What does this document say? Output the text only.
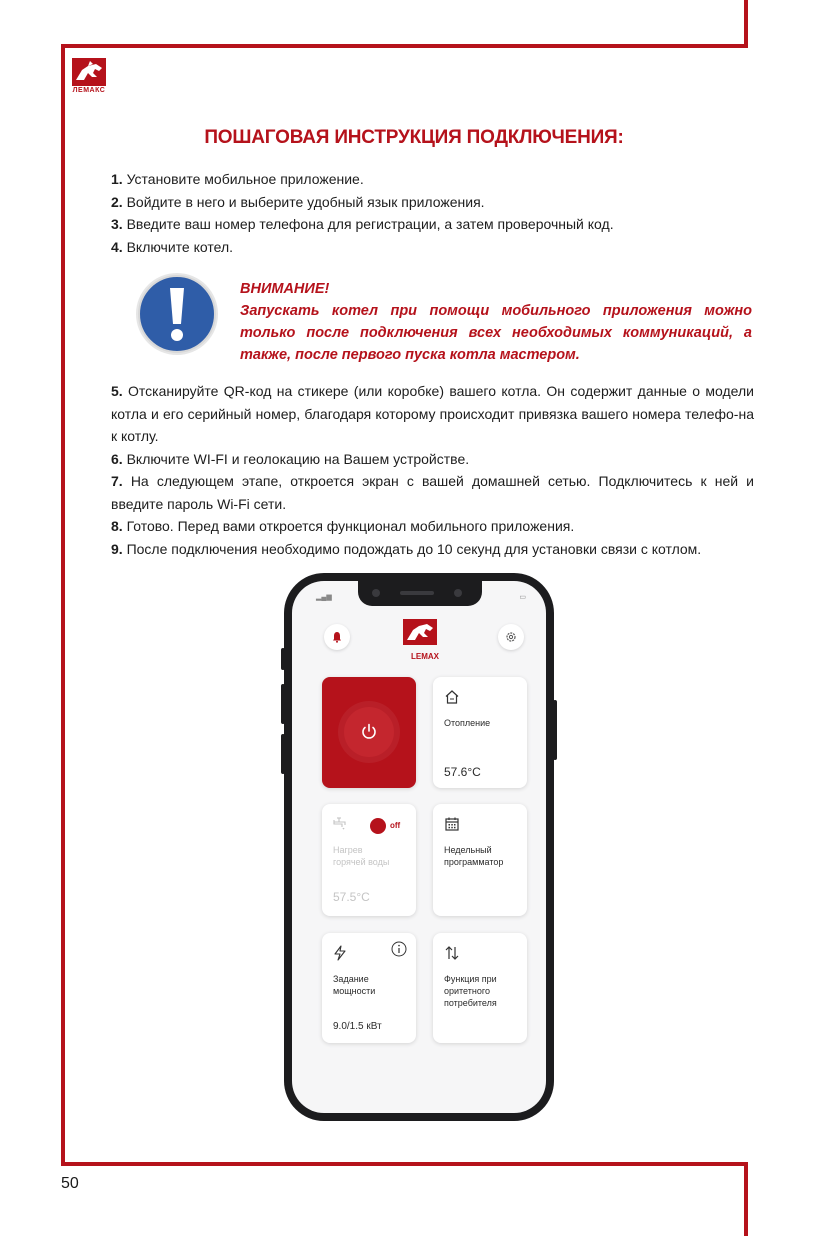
ЛЕМАКС
ПОШАГОВАЯ ИНСТРУКЦИЯ ПОДКЛЮЧЕНИЯ:

1. Установите мобильное приложение.

2. Войдите в него и выберите удобный язык приложения.

3. Введите ваш номер телефона для регистрации, а затем проверочный код.

4. Включите котел.

ВНИМАНИЕ!

Запускать котел при помощи мобильного приложения можно только после подключения всех необходимых коммуникаций, а также, после первого пуска котла мастером.

5. Отсканируйте QR-код на стикере (или коробке) вашего котла. Он содержит данные о модели котла и его серийный номер, благодаря которому происходит привязка вашего номера телефо-на к котлу.

6. Включите WI-FI и геолокацию на Вашем устройстве.

7. На следующем этапе, откроется экран с вашей домашней сетью. Подключитесь к ней и введите пароль Wi-Fi сети.

8. Готово. Перед вами откроется функционал мобильного приложения.

9. После подключения необходимо подождать до 10 секунд для установки связи с котлом.

▂▄▆	▭
LEMAX
Отопление
57.6°C
off
Нагрев
горячей воды
57.5°C
Недельный
программатор
Задание
мощности
9.0/1.5 кВт
Функция при
оритетного
потребителя
50
